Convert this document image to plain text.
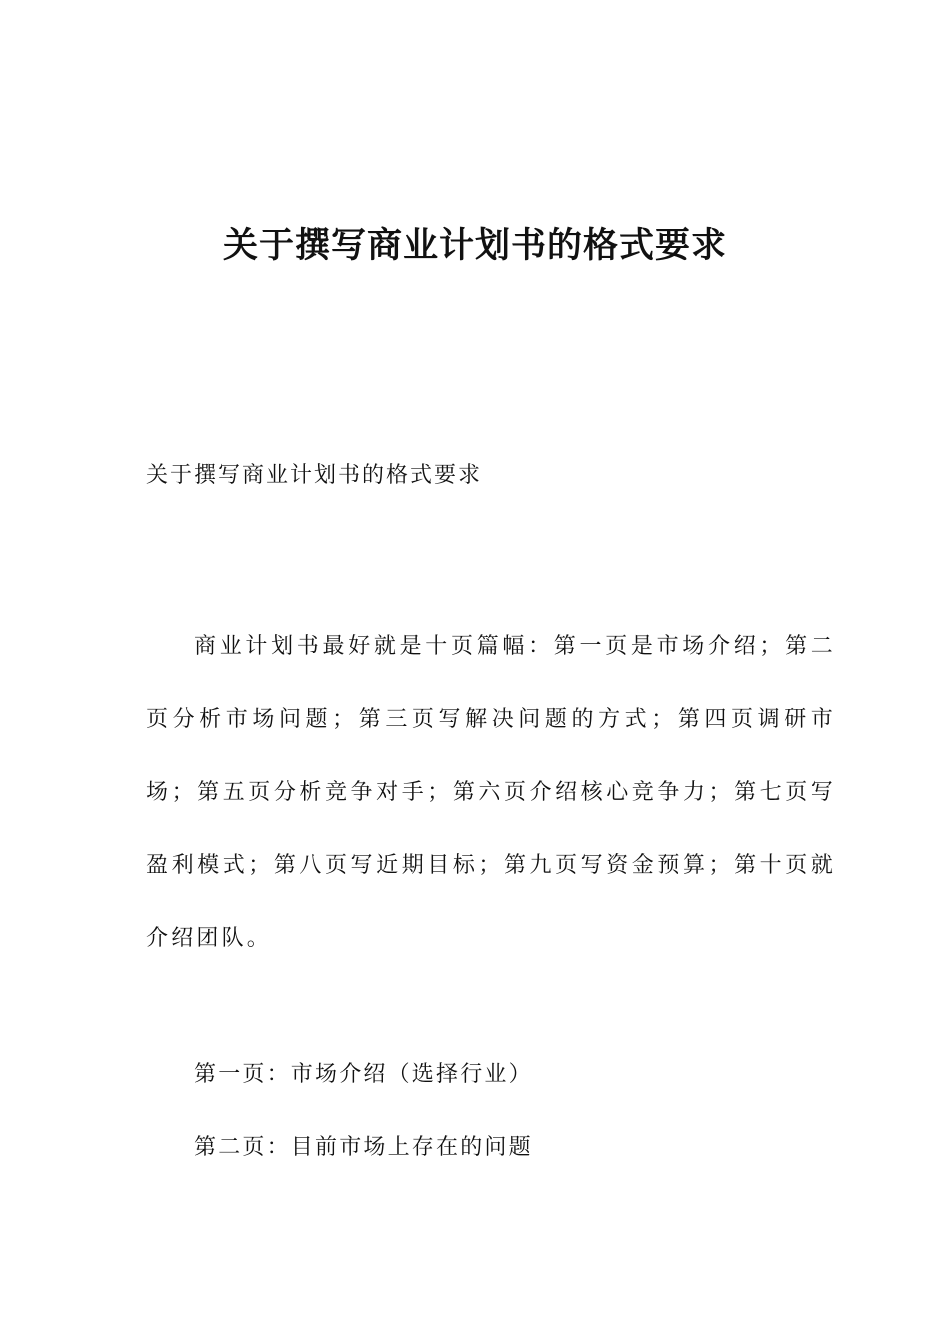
关于撰写商业计划书的格式要求

关于撰写商业计划书的格式要求

商业计划书最好就是十页篇幅：第一页是市场介绍；第二页分析市场问题；第三页写解决问题的方式；第四页调研市场；第五页分析竞争对手；第六页介绍核心竞争力；第七页写盈利模式；第八页写近期目标；第九页写资金预算；第十页就介绍团队。

第一页：市场介绍（选择行业）

第二页：目前市场上存在的问题
